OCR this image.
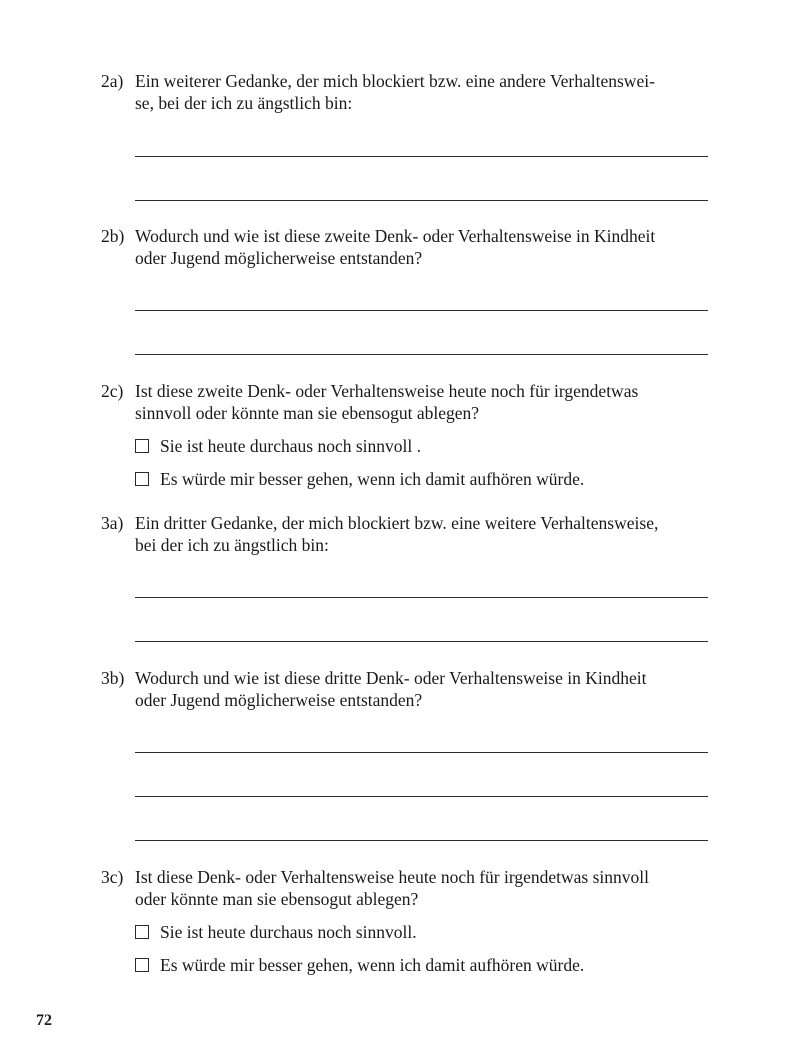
2a) Ein weiterer Gedanke, der mich blockiert bzw. eine andere Verhaltenswei-
se, bei der ich zu ängstlich bin:
2b) Wodurch und wie ist diese zweite Denk- oder Verhaltensweise in Kindheit
oder Jugend möglicherweise entstanden?
2c) Ist diese zweite Denk- oder Verhaltensweise heute noch für irgendetwas
sinnvoll oder könnte man sie ebensogut ablegen?
Sie ist heute durchaus noch sinnvoll .
Es würde mir besser gehen, wenn ich damit aufhören würde.
3a) Ein dritter Gedanke, der mich blockiert bzw. eine weitere Verhaltensweise,
bei der ich zu ängstlich bin:
3b) Wodurch und wie ist diese dritte Denk- oder Verhaltensweise in Kindheit
oder Jugend möglicherweise entstanden?
3c) Ist diese Denk- oder Verhaltensweise heute noch für irgendetwas sinnvoll
oder könnte man sie ebensogut ablegen?
Sie ist heute durchaus noch sinnvoll.
Es würde mir besser gehen, wenn ich damit aufhören würde.
72
